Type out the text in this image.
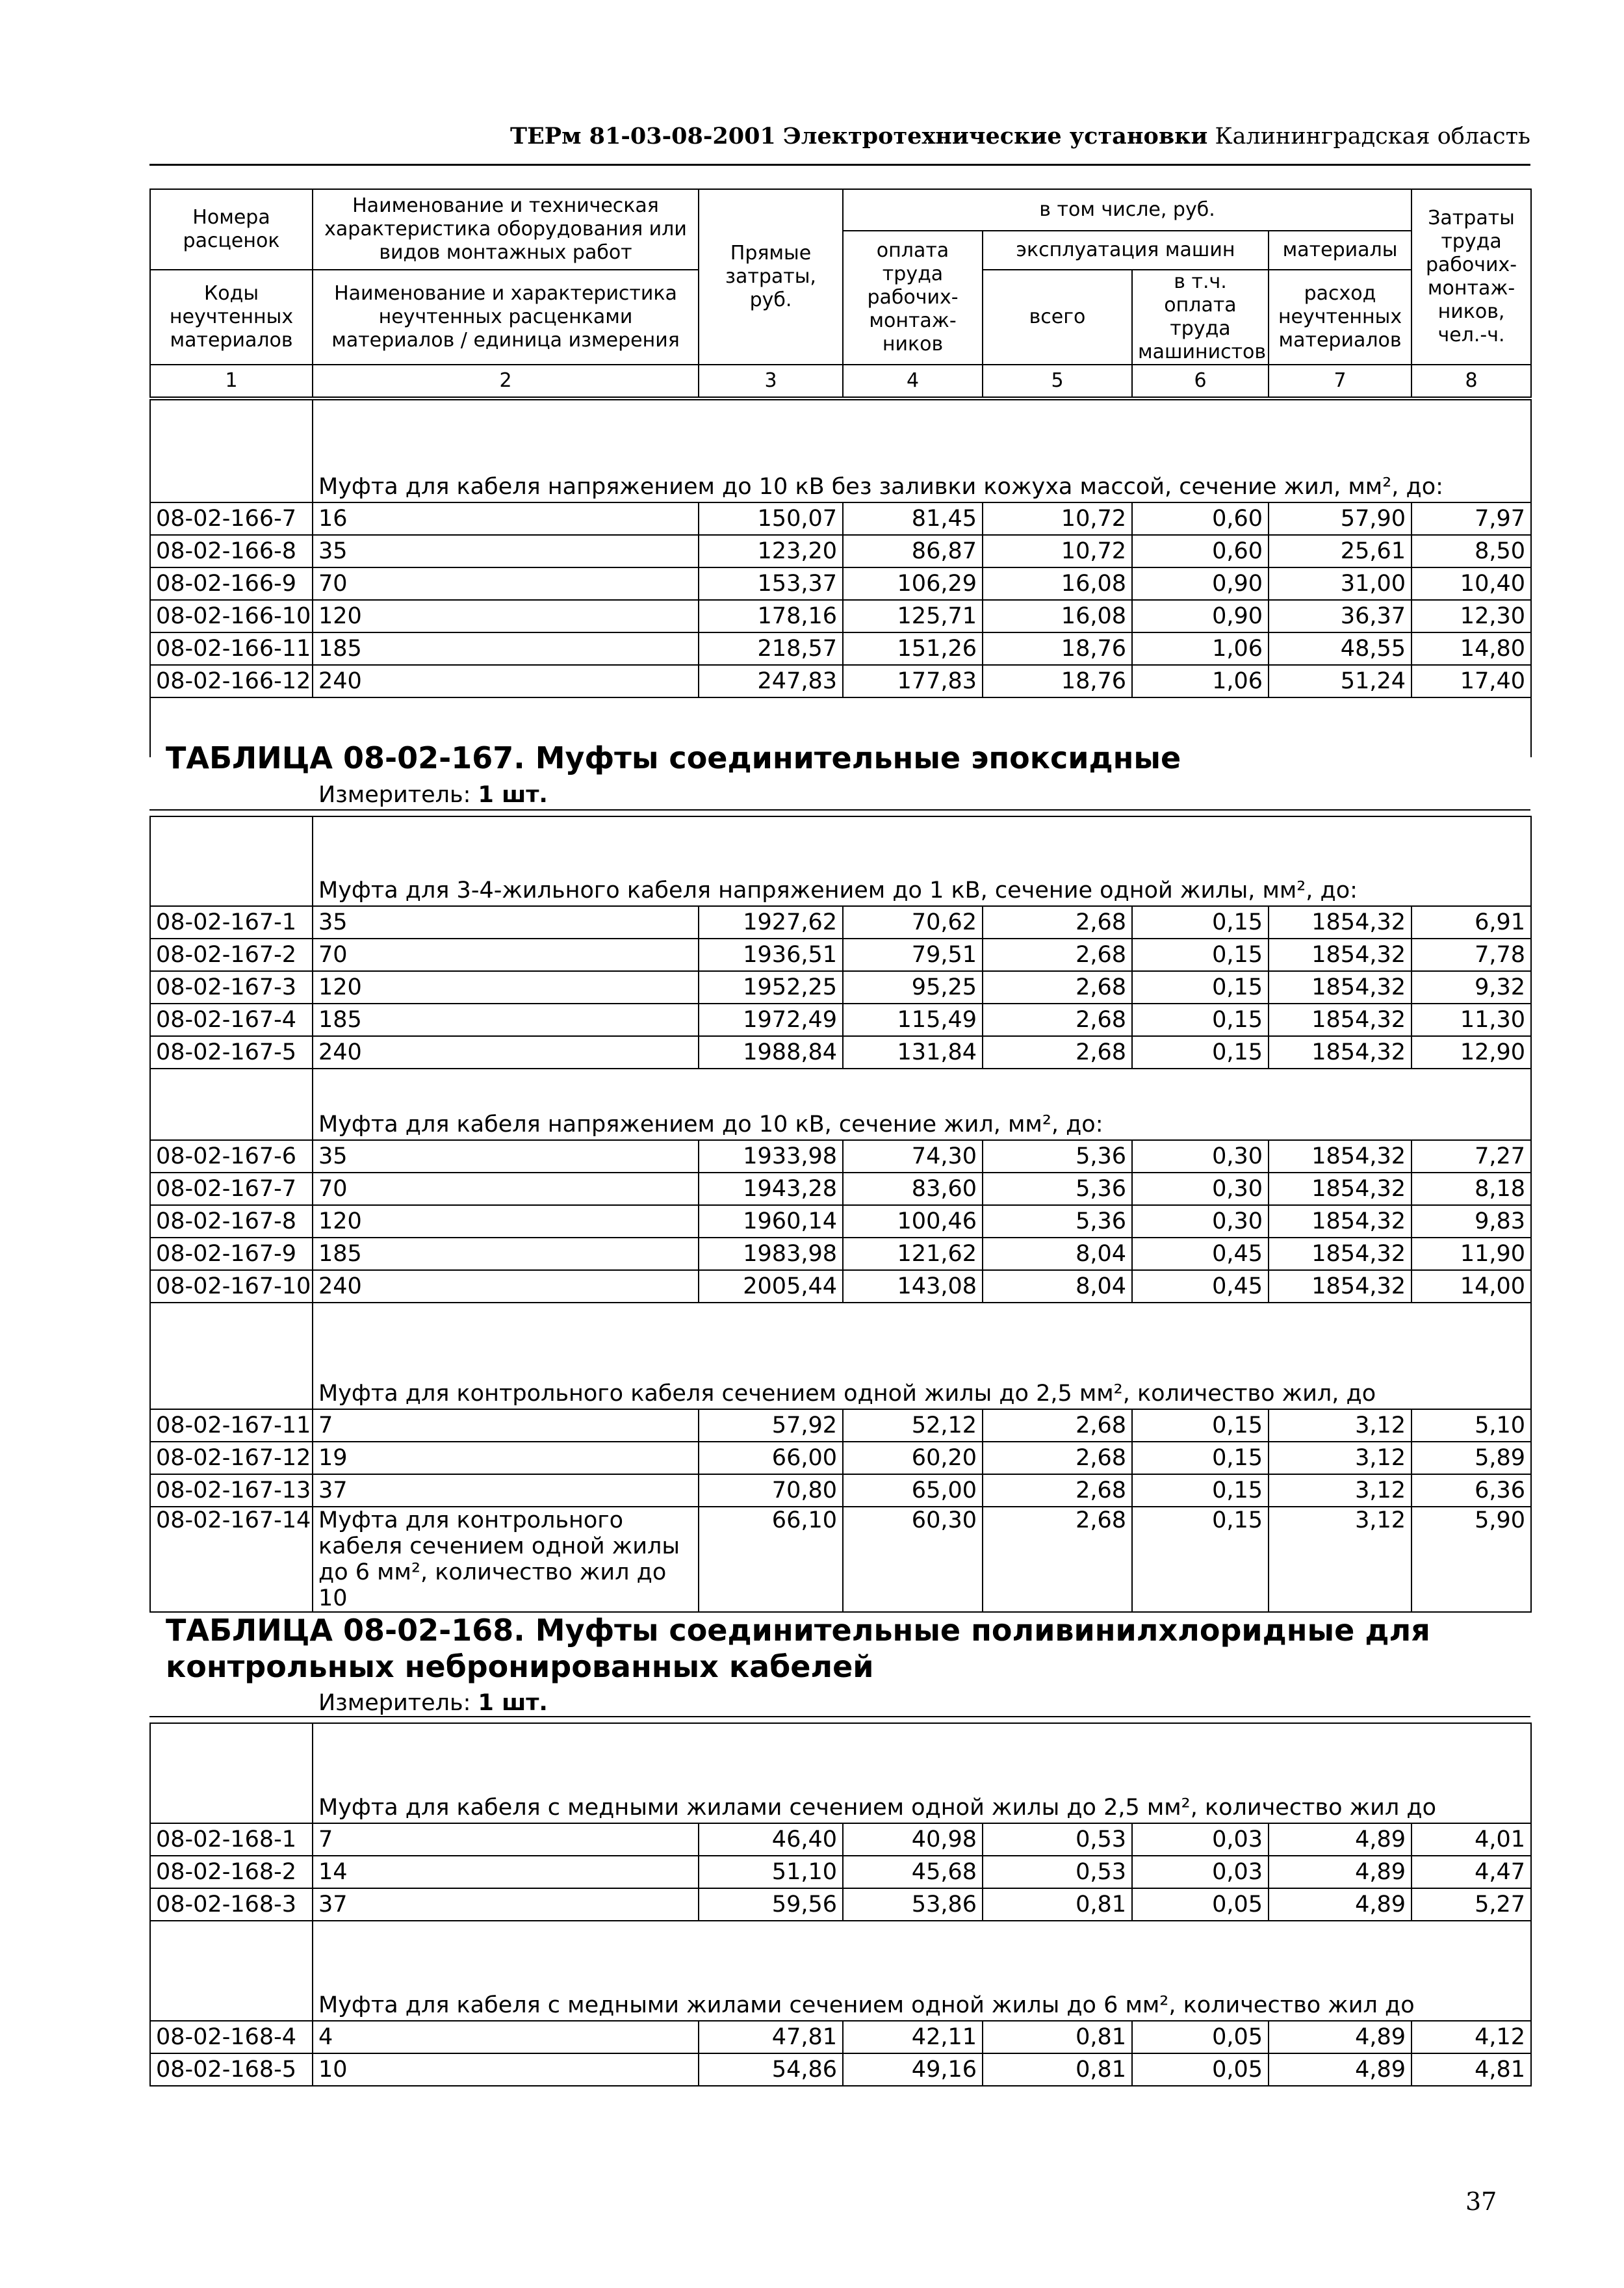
ТЕРм 81-03-08-2001 Электротехнические установки Калининградская область
Номера расценок	Наименование и техническая характеристика оборудования или видов монтажных работ	Прямые затраты, руб.	в том числе, руб.				Затраты труда рабочих-монтаж-ников, чел.-ч.
			оплата труда рабочих-монтаж-ников	эксплуатация машин		материалы	
Коды неучтенных материалов	Наименование и характеристика неучтенных расценками материалов / единица измерения			всего	в т.ч. оплата труда машинистов	расход неучтенных материалов	

1	2	3	4	5	6	7	8
	Муфта для кабеля напряжением до 10 кВ без заливки кожуха массой, сечение жил, мм², до:						
08-02-166-7	16	150,07	81,45	10,72	0,60	57,90	7,97
08-02-166-8	35	123,20	86,87	10,72	0,60	25,61	8,50
08-02-166-9	70	153,37	106,29	16,08	0,90	31,00	10,40
08-02-166-10	120	178,16	125,71	16,08	0,90	36,37	12,30
08-02-166-11	185	218,57	151,26	18,76	1,06	48,55	14,80
08-02-166-12	240	247,83	177,83	18,76	1,06	51,24	17,40

ТАБЛИЦА 08-02-167. Муфты соединительные эпоксидные
Измеритель: 1 шт.
	Муфта для 3-4-жильного кабеля напряжением до 1 кВ, сечение одной жилы, мм², до:						
08-02-167-1	35	1927,62	70,62	2,68	0,15	1854,32	6,91
08-02-167-2	70	1936,51	79,51	2,68	0,15	1854,32	7,78
08-02-167-3	120	1952,25	95,25	2,68	0,15	1854,32	9,32
08-02-167-4	185	1972,49	115,49	2,68	0,15	1854,32	11,30
08-02-167-5	240	1988,84	131,84	2,68	0,15	1854,32	12,90
	Муфта для кабеля напряжением до 10 кВ, сечение жил, мм², до:						
08-02-167-6	35	1933,98	74,30	5,36	0,30	1854,32	7,27
08-02-167-7	70	1943,28	83,60	5,36	0,30	1854,32	8,18
08-02-167-8	120	1960,14	100,46	5,36	0,30	1854,32	9,83
08-02-167-9	185	1983,98	121,62	8,04	0,45	1854,32	11,90
08-02-167-10	240	2005,44	143,08	8,04	0,45	1854,32	14,00
	Муфта для контрольного кабеля сечением одной жилы до 2,5 мм², количество жил, до						
08-02-167-11	7	57,92	52,12	2,68	0,15	3,12	5,10
08-02-167-12	19	66,00	60,20	2,68	0,15	3,12	5,89
08-02-167-13	37	70,80	65,00	2,68	0,15	3,12	6,36
08-02-167-14	Муфта для контрольного кабеля сечением одной жилы до 6 мм², количество жил до 10	66,10	60,30	2,68	0,15	3,12	5,90
ТАБЛИЦА 08-02-168. Муфты соединительные поливинилхлоридные для
контрольных небронированных кабелей
Измеритель: 1 шт.
	Муфта для кабеля с медными жилами сечением одной жилы до 2,5 мм², количество жил до						
08-02-168-1	7	46,40	40,98	0,53	0,03	4,89	4,01
08-02-168-2	14	51,10	45,68	0,53	0,03	4,89	4,47
08-02-168-3	37	59,56	53,86	0,81	0,05	4,89	5,27
	Муфта для кабеля с медными жилами сечением одной жилы до 6 мм², количество жил до						
08-02-168-4	4	47,81	42,11	0,81	0,05	4,89	4,12
08-02-168-5	10	54,86	49,16	0,81	0,05	4,89	4,81
37
